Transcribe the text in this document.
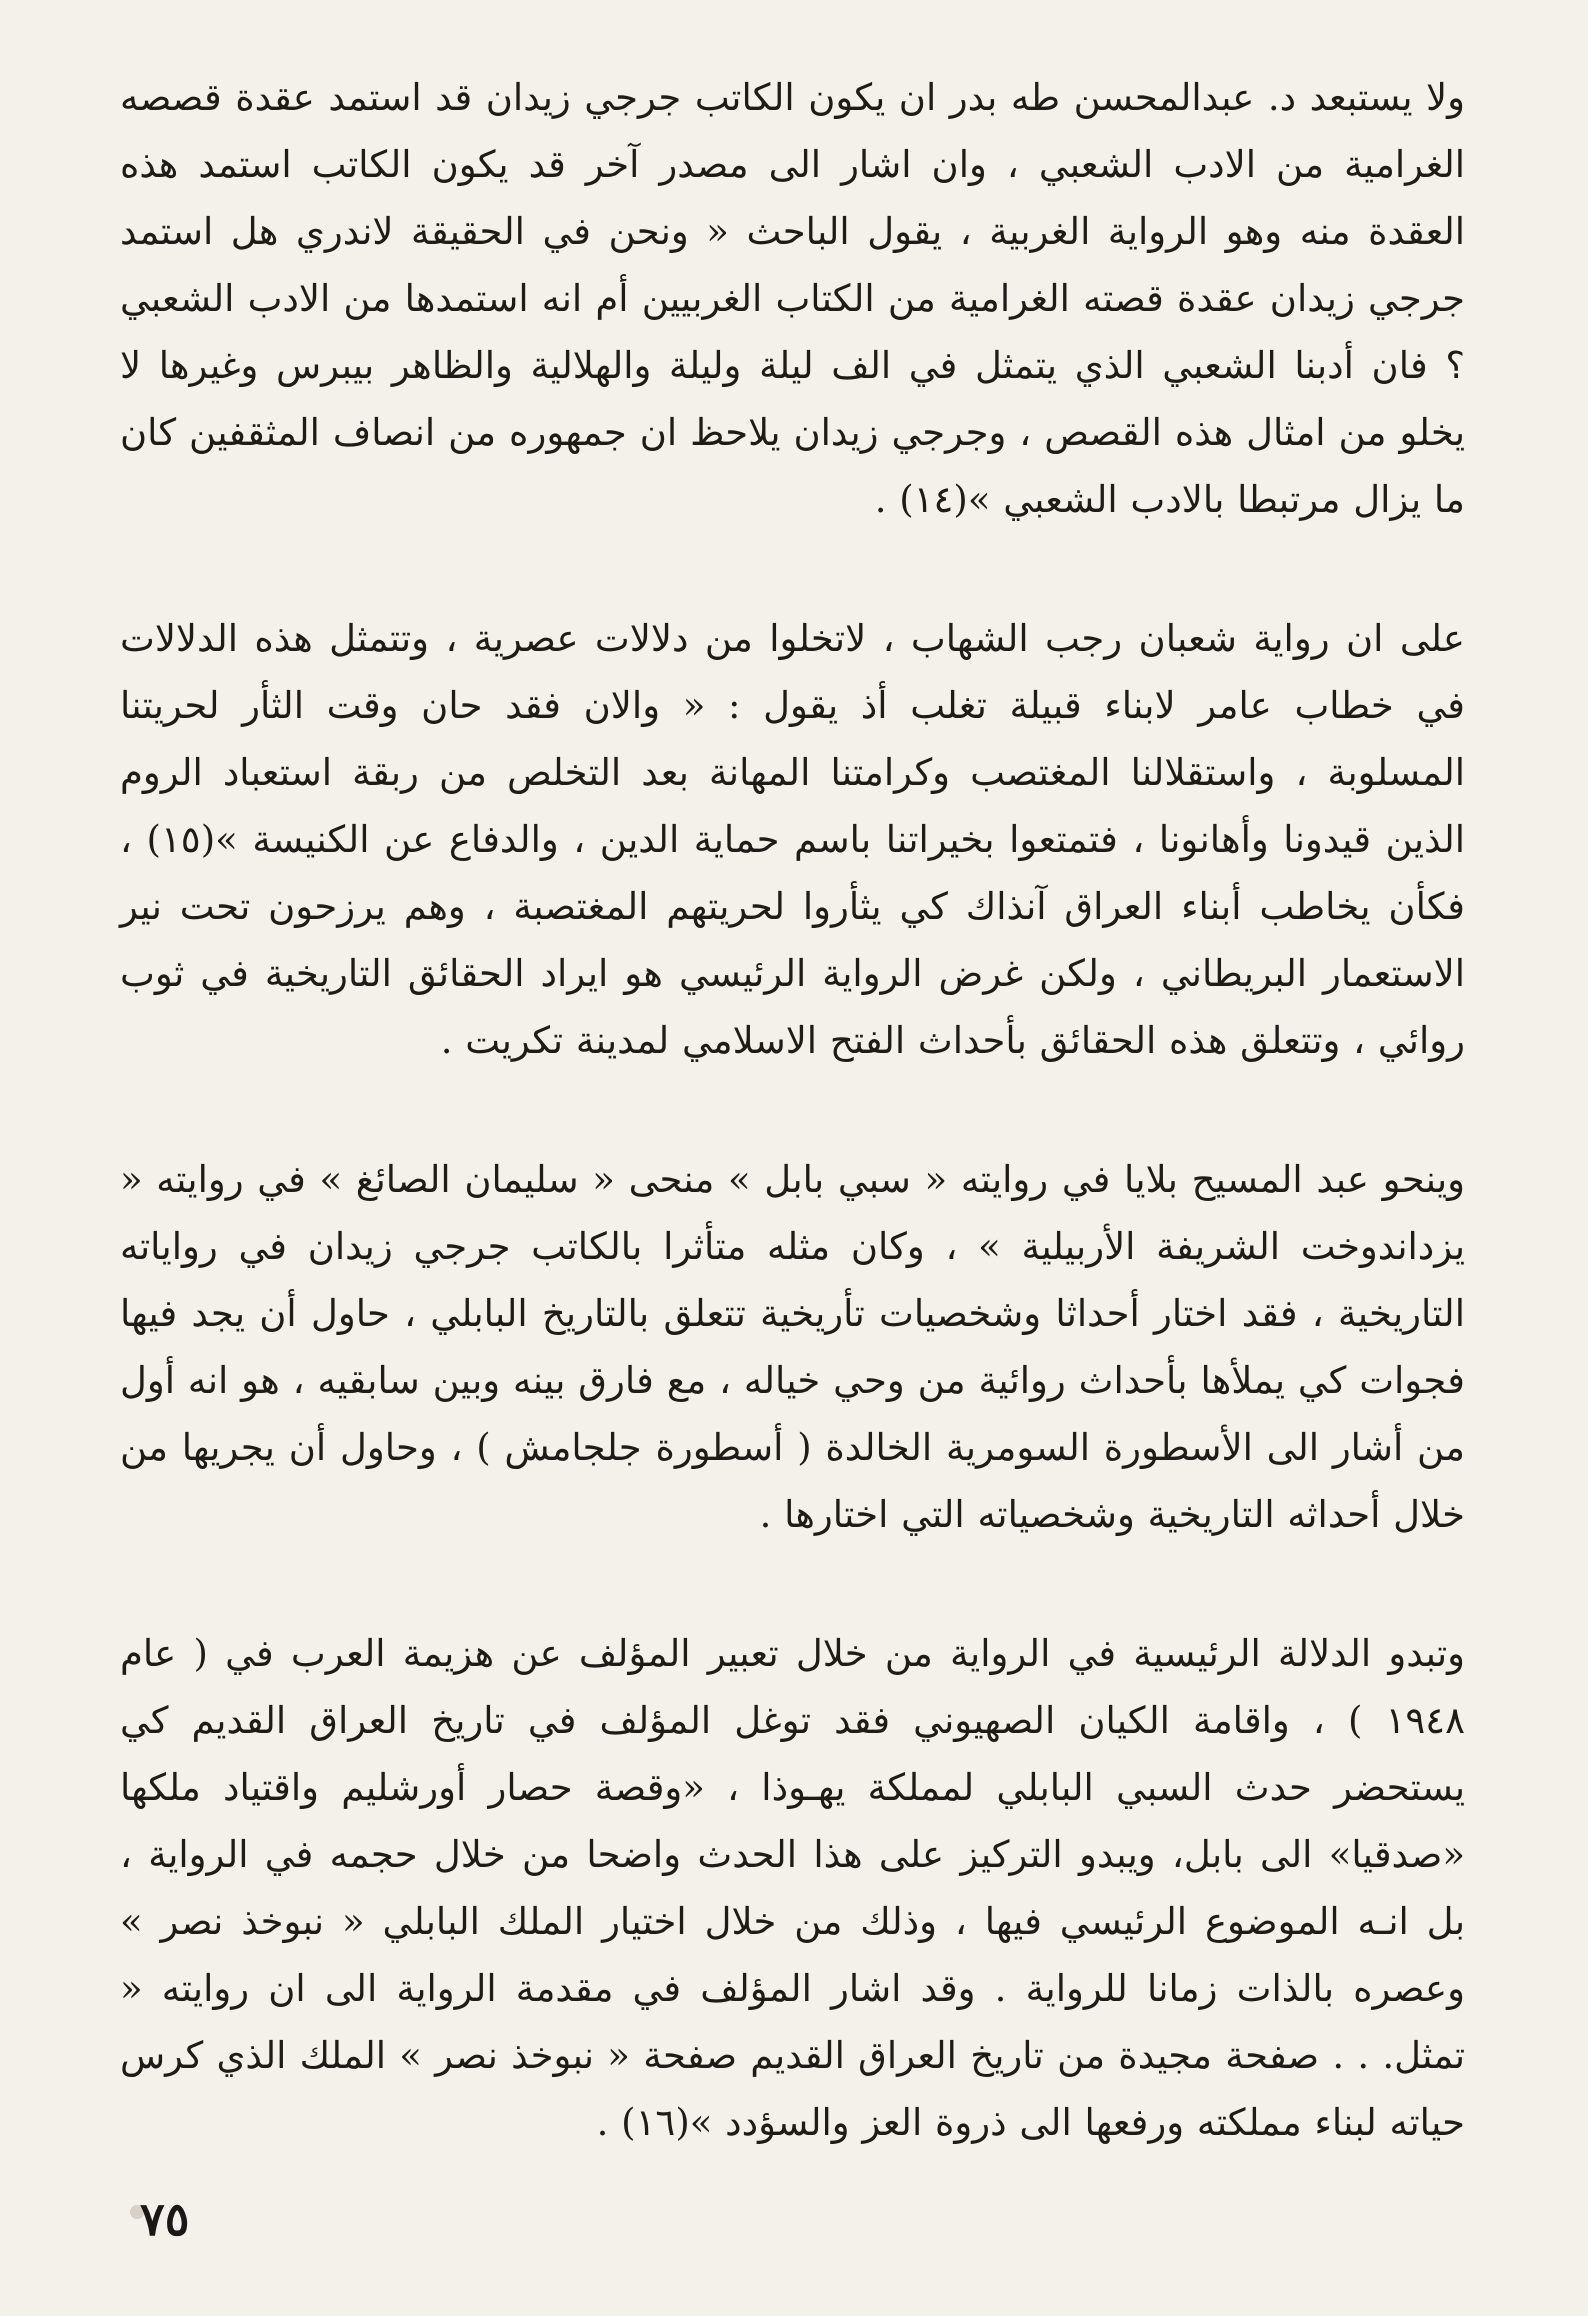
ولا يستبعد د. عبدالمحسن طه بدر ان يكون الكاتب جرجي زيدان قد استمد عقدة قصصه الغرامية من الادب الشعبي ، وان اشار الى مصدر آخر قد يكون الكاتب استمد هذه العقدة منه وهو الرواية الغربية ، يقول الباحث « ونحن في الحقيقة لاندري هل استمد جرجي زيدان عقدة قصته الغرامية من الكتاب الغربيين أم انه استمدها من الادب الشعبي ؟ فان أدبنا الشعبي الذي يتمثل في الف ليلة وليلة والهلالية والظاهر بيبرس وغيرها لا يخلو من امثال هذه القصص ، وجرجي زيدان يلاحظ ان جمهوره من انصاف المثقفين كان ما يزال مرتبطا بالادب الشعبي »(١٤) .

على ان رواية شعبان رجب الشهاب ، لاتخلوا من دلالات عصرية ، وتتمثل هذه الدلالات في خطاب عامر لابناء قبيلة تغلب أذ يقول : « والان فقد حان وقت الثأر لحريتنا المسلوبة ، واستقلالنا المغتصب وكرامتنا المهانة بعد التخلص من ربقة استعباد الروم الذين قيدونا وأهانونا ، فتمتعوا بخيراتنا باسم حماية الدين ، والدفاع عن الكنيسة »(١٥) ، فكأن يخاطب أبناء العراق آنذاك كي يثأروا لحريتهم المغتصبة ، وهم يرزحون تحت نير الاستعمار البريطاني ، ولكن غرض الرواية الرئيسي هو ايراد الحقائق التاريخية في ثوب روائي ، وتتعلق هذه الحقائق بأحداث الفتح الاسلامي لمدينة تكريت .

وينحو عبد المسيح بلايا في روايته « سبي بابل » منحى « سليمان الصائغ » في روايته « يزداندوخت الشريفة الأربيلية » ، وكان مثله متأثرا بالكاتب جرجي زيدان في رواياته التاريخية ، فقد اختار أحداثا وشخصيات تأريخية تتعلق بالتاريخ البابلي ، حاول أن يجد فيها فجوات كي يملأها بأحداث روائية من وحي خياله ، مع فارق بينه وبين سابقيه ، هو انه أول من أشار الى الأسطورة السومرية الخالدة ( أسطورة جلجامش ) ، وحاول أن يجريها من خلال أحداثه التاريخية وشخصياته التي اختارها .

وتبدو الدلالة الرئيسية في الرواية من خلال تعبير المؤلف عن هزيمة العرب في ( عام ١٩٤٨ ) ، واقامة الكيان الصهيوني فقد توغل المؤلف في تاريخ العراق القديم كي يستحضر حدث السبي البابلي لمملكة يهـوذا ، «وقصة حصار أورشليم واقتياد ملكها «صدقيا» الى بابل، ويبدو التركيز على هذا الحدث واضحا من خلال حجمه في الرواية ، بل انـه الموضوع الرئيسي فيها ، وذلك من خلال اختيار الملك البابلي « نبوخذ نصر » وعصره بالذات زمانا للرواية . وقد اشار المؤلف في مقدمة الرواية الى ان روايته « تمثل. . . صفحة مجيدة من تاريخ العراق القديم صفحة « نبوخذ نصر » الملك الذي كرس حياته لبناء مملكته ورفعها الى ذروة العز والسؤدد »(١٦) .

٧٥
